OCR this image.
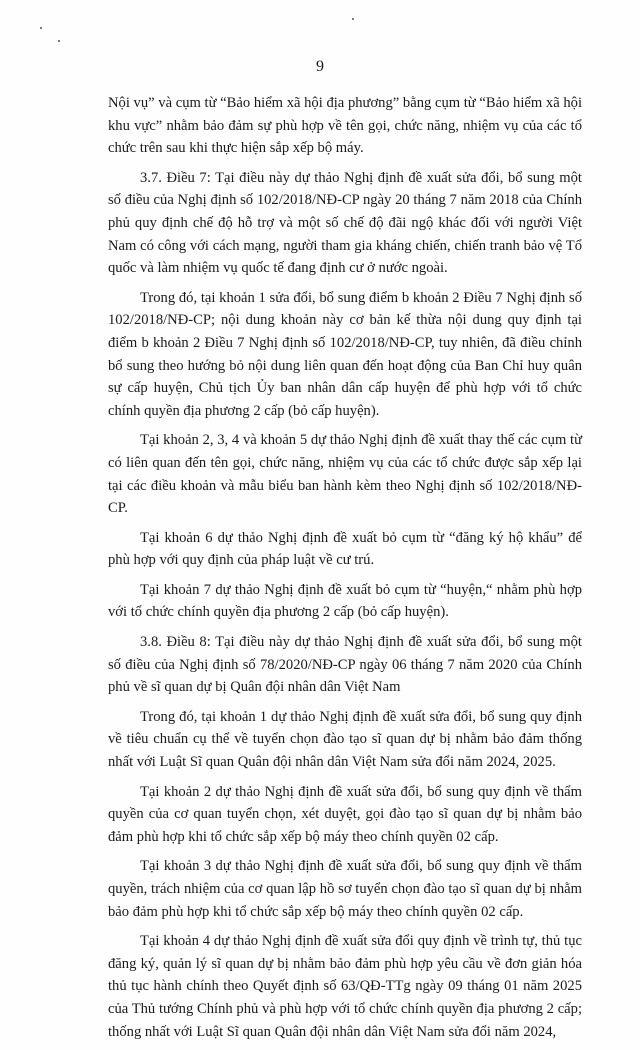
9

Nội vụ” và cụm từ “Bảo hiểm xã hội địa phương” bằng cụm từ “Bảo hiểm xã hội khu vực” nhằm bảo đảm sự phù hợp về tên gọi, chức năng, nhiệm vụ của các tổ chức trên sau khi thực hiện sắp xếp bộ máy.

3.7. Điều 7: Tại điều này dự thảo Nghị định đề xuất sửa đổi, bổ sung một số điều của Nghị định số 102/2018/NĐ-CP ngày 20 tháng 7 năm 2018 của Chính phủ quy định chế độ hỗ trợ và một số chế độ đãi ngộ khác đối với người Việt Nam có công với cách mạng, người tham gia kháng chiến, chiến tranh bảo vệ Tổ quốc và làm nhiệm vụ quốc tế đang định cư ở nước ngoài.

Trong đó, tại khoản 1 sửa đổi, bổ sung điểm b khoản 2 Điều 7 Nghị định số 102/2018/NĐ-CP; nội dung khoản này cơ bản kế thừa nội dung quy định tại điểm b khoản 2 Điều 7 Nghị định số 102/2018/NĐ-CP, tuy nhiên, đã điều chỉnh bổ sung theo hướng bỏ nội dung liên quan đến hoạt động của Ban Chỉ huy quân sự cấp huyện, Chủ tịch Ủy ban nhân dân cấp huyện để phù hợp với tổ chức chính quyền địa phương 2 cấp (bỏ cấp huyện).

Tại khoản 2, 3, 4 và khoản 5 dự thảo Nghị định đề xuất thay thế các cụm từ có liên quan đến tên gọi, chức năng, nhiệm vụ của các tổ chức được sắp xếp lại tại các điều khoản và mẫu biểu ban hành kèm theo Nghị định số 102/2018/NĐ-CP.

Tại khoản 6 dự thảo Nghị định đề xuất bỏ cụm từ “đăng ký hộ khẩu” để phù hợp với quy định của pháp luật về cư trú.

Tại khoản 7 dự thảo Nghị định đề xuất bỏ cụm từ “huyện,“ nhằm phù hợp với tổ chức chính quyền địa phương 2 cấp (bỏ cấp huyện).

3.8. Điều 8: Tại điều này dự thảo Nghị định đề xuất sửa đổi, bổ sung một số điều của Nghị định số 78/2020/NĐ-CP ngày 06 tháng 7 năm 2020 của Chính phủ về sĩ quan dự bị Quân đội nhân dân Việt Nam

Trong đó, tại khoản 1 dự thảo Nghị định đề xuất sửa đổi, bổ sung quy định về tiêu chuẩn cụ thể về tuyển chọn đào tạo sĩ quan dự bị nhằm bảo đảm thống nhất với Luật Sĩ quan Quân đội nhân dân Việt Nam sửa đổi năm 2024, 2025.

Tại khoản 2 dự thảo Nghị định đề xuất sửa đổi, bổ sung quy định về thẩm quyền của cơ quan tuyển chọn, xét duyệt, gọi đào tạo sĩ quan dự bị nhằm bảo đảm phù hợp khi tổ chức sắp xếp bộ máy theo chính quyền 02 cấp.

Tại khoản 3 dự thảo Nghị định đề xuất sửa đổi, bổ sung quy định về thẩm quyền, trách nhiệm của cơ quan lập hồ sơ tuyển chọn đào tạo sĩ quan dự bị nhằm bảo đảm phù hợp khi tổ chức sắp xếp bộ máy theo chính quyền 02 cấp.

Tại khoản 4 dự thảo Nghị định đề xuất sửa đổi quy định về trình tự, thủ tục đăng ký, quản lý sĩ quan dự bị nhằm bảo đảm phù hợp yêu cầu về đơn giản hóa thủ tục hành chính theo Quyết định số 63/QĐ-TTg ngày 09 tháng 01 năm 2025 của Thủ tướng Chính phủ và phù hợp với tổ chức chính quyền địa phương 2 cấp; thống nhất với Luật Sĩ quan Quân đội nhân dân Việt Nam sửa đổi năm 2024,
